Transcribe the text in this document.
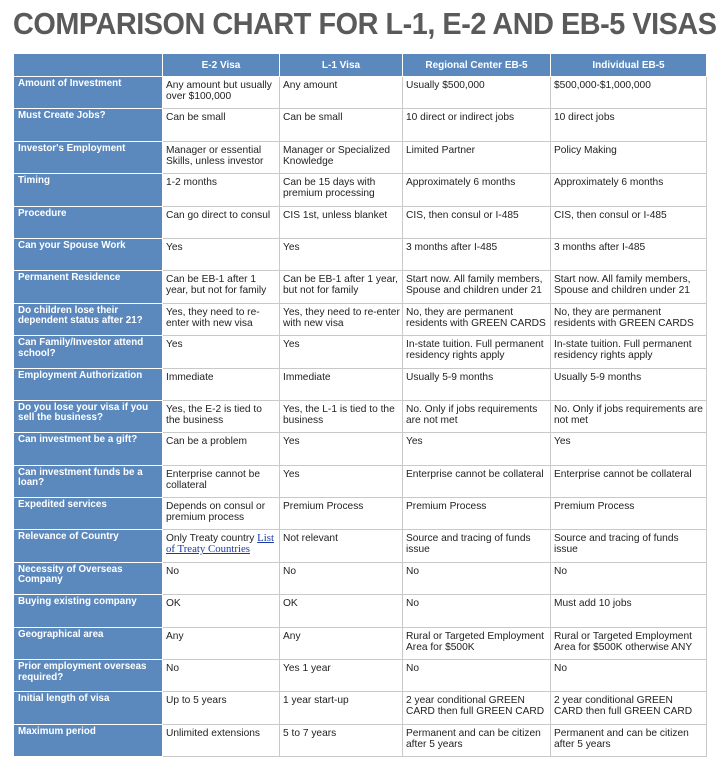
COMPARISON CHART FOR L-1, E-2 AND EB-5 VISAS
	E-2 Visa	L-1 Visa	Regional Center EB-5	Individual EB-5
Amount of Investment	Any amount but usually over $100,000	Any amount	Usually $500,000	$500,000-$1,000,000
Must Create Jobs?	Can be small	Can be small	10 direct or indirect jobs	10 direct jobs
Investor's Employment	Manager or essential Skills, unless investor	Manager or Specialized Knowledge	Limited Partner	Policy Making
Timing	1-2 months	Can be 15 days with premium processing	Approximately 6 months	Approximately 6 months
Procedure	Can go direct to consul	CIS 1st, unless blanket	CIS, then consul or I-485	CIS, then consul or I-485
Can your Spouse Work	Yes	Yes	3 months after I-485	3 months after I-485
Permanent Residence	Can be EB-1 after 1 year, but not for family	Can be EB-1 after 1 year, but not for family	Start now. All family members, Spouse and children under 21	Start now. All family members, Spouse and children under 21
Do children lose their dependent status after 21?	Yes, they need to re-enter with new visa	Yes, they need to re-enter with new visa	No, they are permanent residents with GREEN CARDS	No, they are permanent residents with GREEN CARDS
Can Family/Investor attend school?	Yes	Yes	In-state tuition. Full permanent residency rights apply	In-state tuition. Full permanent residency rights apply
Employment Authorization	Immediate	Immediate	Usually 5-9 months	Usually 5-9 months
Do you lose your visa if you sell the business?	Yes, the E-2 is tied to the business	Yes, the L-1 is tied to the business	No. Only if jobs requirements are not met	No. Only if jobs requirements are not met
Can investment be a gift?	Can be a problem	Yes	Yes	Yes
Can investment funds be a loan?	Enterprise cannot be collateral	Yes	Enterprise cannot be collateral	Enterprise cannot be collateral
Expedited services	Depends on consul or premium process	Premium Process	Premium Process	Premium Process
Relevance of Country	Only Treaty country List of Treaty Countries	Not relevant	Source and tracing of funds issue	Source and tracing of funds issue
Necessity of Overseas Company	No	No	No	No
Buying existing company	OK	OK	No	Must add 10 jobs
Geographical area	Any	Any	Rural or Targeted Employment Area for $500K	Rural or Targeted Employment Area for $500K otherwise ANY
Prior employment overseas required?	No	Yes 1 year	No	No
Initial length of visa	Up to 5 years	1 year start-up	2 year conditional GREEN CARD then full GREEN CARD	2 year conditional GREEN CARD then full GREEN CARD
Maximum period	Unlimited extensions	5 to 7 years	Permanent and can be citizen after 5 years	Permanent and can be citizen after 5 years
